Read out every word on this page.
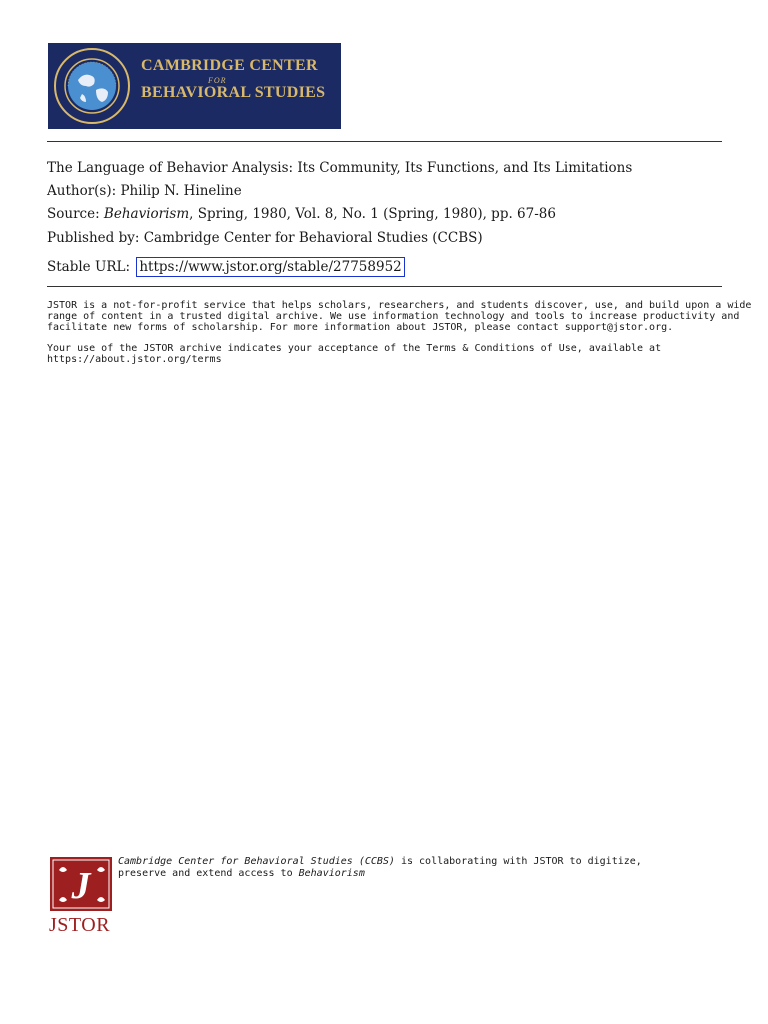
CAMBRIDGE CENTER
FOR
BEHAVIORAL STUDIES
The Language of Behavior Analysis: Its Community, Its Functions, and Its Limitations
Author(s): Philip N. Hineline
Source: Behaviorism, Spring, 1980, Vol. 8, No. 1 (Spring, 1980), pp. 67-86
Published by: Cambridge Center for Behavioral Studies (CCBS)
Stable URL: https://www.jstor.org/stable/27758952
JSTOR is a not-for-profit service that helps scholars, researchers, and students discover, use, and build upon a wide
range of content in a trusted digital archive. We use information technology and tools to increase productivity and
facilitate new forms of scholarship. For more information about JSTOR, please contact support@jstor.org.
Your use of the JSTOR archive indicates your acceptance of the Terms & Conditions of Use, available at
https://about.jstor.org/terms
J
JSTOR
Cambridge Center for Behavioral Studies (CCBS) is collaborating with JSTOR to digitize,
preserve and extend access to Behaviorism
